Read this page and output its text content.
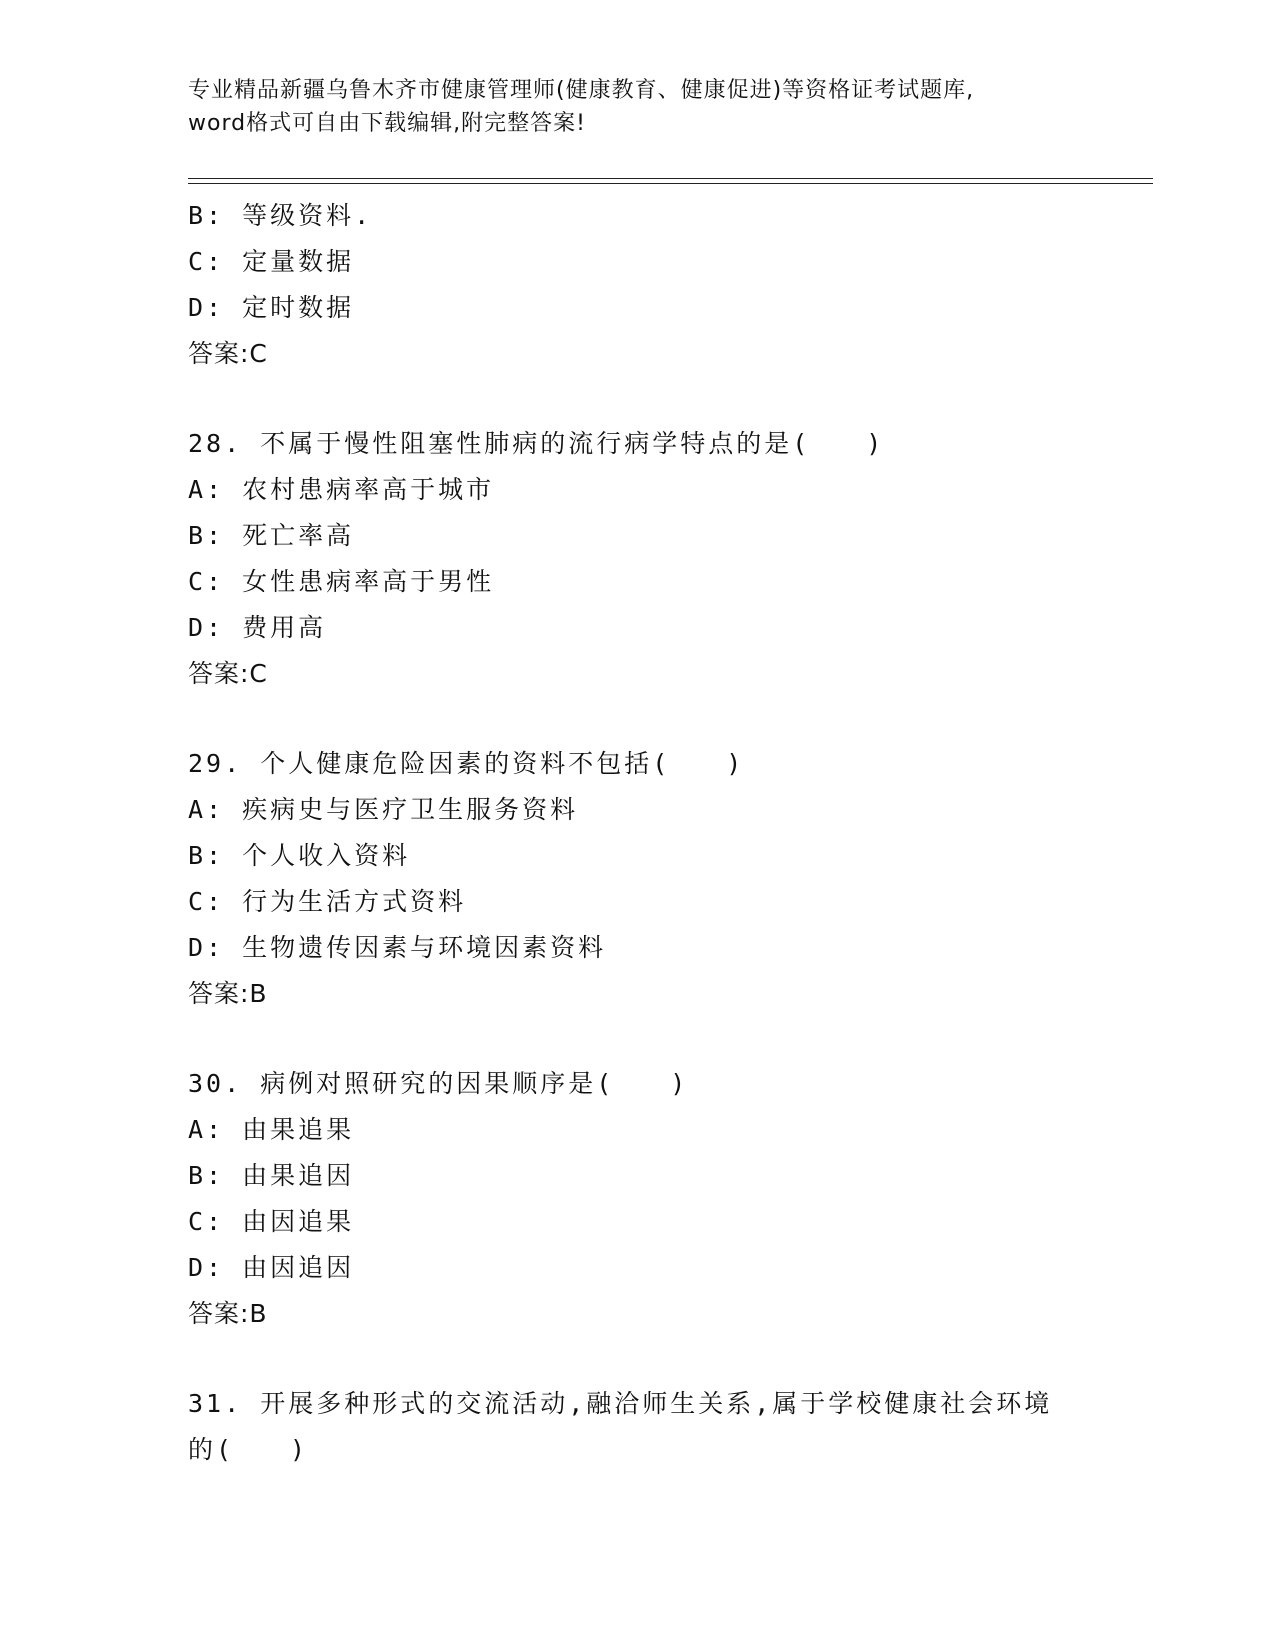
专业精品新疆乌鲁木齐市健康管理师(健康教育、健康促进)等资格证考试题库,
word格式可自由下载编辑,附完整答案!
B: 等级资料.
C: 定量数据
D: 定时数据
答案:C
28. 不属于慢性阻塞性肺病的流行病学特点的是(　　)
A: 农村患病率高于城市
B: 死亡率高
C: 女性患病率高于男性
D: 费用高
答案:C
29. 个人健康危险因素的资料不包括(　　)
A: 疾病史与医疗卫生服务资料
B: 个人收入资料
C: 行为生活方式资料
D: 生物遗传因素与环境因素资料
答案:B
30. 病例对照研究的因果顺序是(　　)
A: 由果追果
B: 由果追因
C: 由因追果
D: 由因追因
答案:B
31. 开展多种形式的交流活动,融洽师生关系,属于学校健康社会环境
的(　　)
